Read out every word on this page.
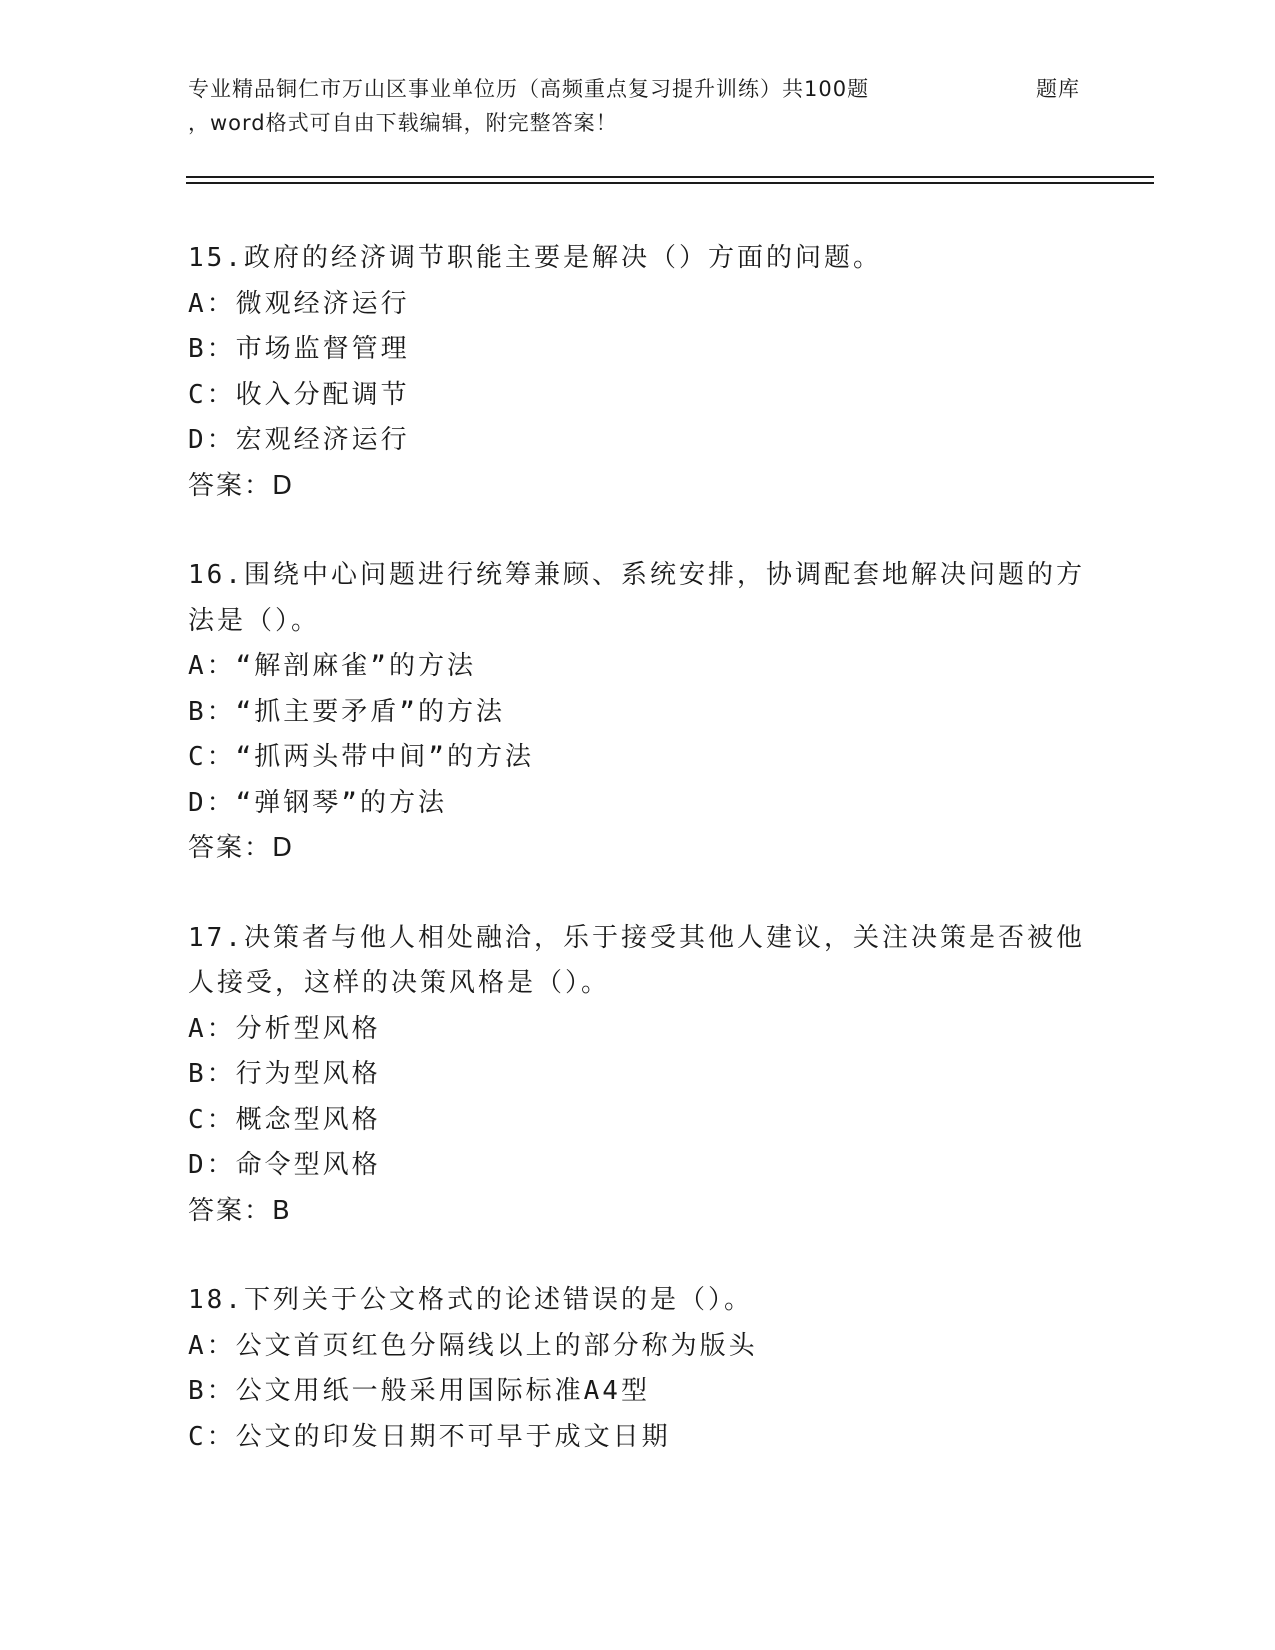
专业精品铜仁市万山区事业单位历（高频重点复习提升训练）共100题	题库
，word格式可自由下载编辑，附完整答案！
15.政府的经济调节职能主要是解决（）方面的问题。
A：微观经济运行
B：市场监督管理
C：收入分配调节
D：宏观经济运行
答案：D
16.围绕中心问题进行统筹兼顾、系统安排，协调配套地解决问题的方
法是（）。
A：“解剖麻雀”的方法
B：“抓主要矛盾”的方法
C：“抓两头带中间”的方法
D：“弹钢琴”的方法
答案：D
17.决策者与他人相处融洽，乐于接受其他人建议，关注决策是否被他
人接受，这样的决策风格是（）。
A：分析型风格
B：行为型风格
C：概念型风格
D：命令型风格
答案：B
18.下列关于公文格式的论述错误的是（）。
A：公文首页红色分隔线以上的部分称为版头
B：公文用纸一般采用国际标准A4型
C：公文的印发日期不可早于成文日期
